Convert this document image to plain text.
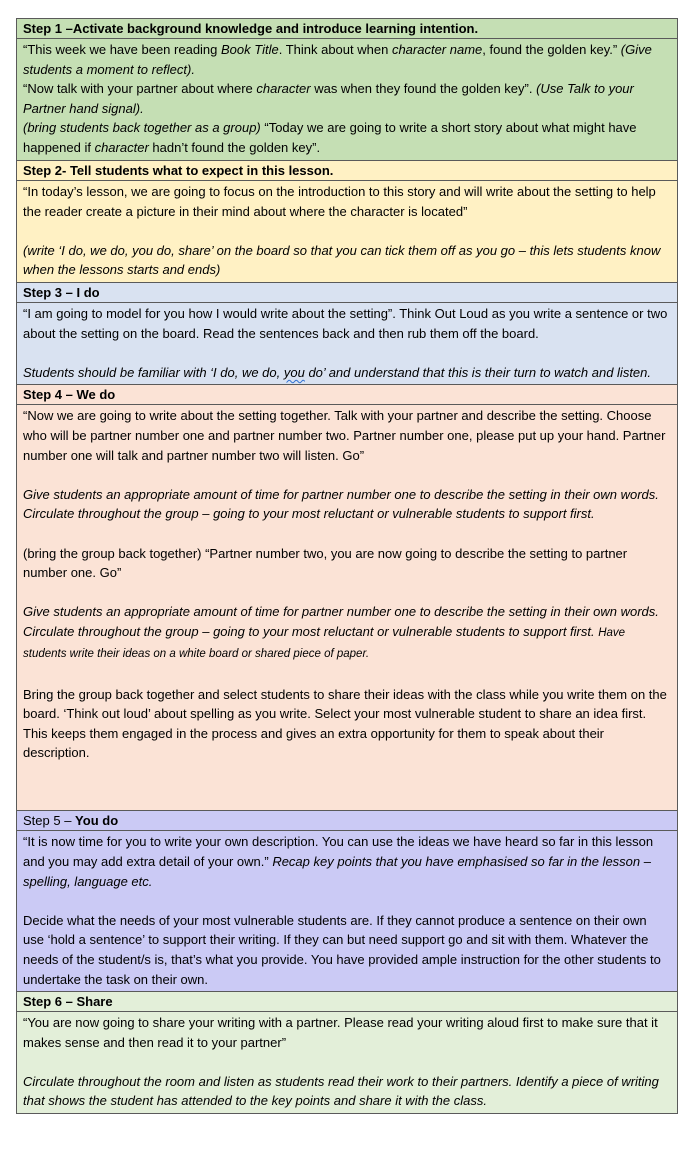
Step 1 –Activate background knowledge and introduce learning intention.

“This week we have been reading Book Title. Think about when character name, found the golden key.” (Give students a moment to reflect).

“Now talk with your partner about where character was when they found the golden key”. (Use Talk to your Partner hand signal).

(bring students back together as a group) “Today we are going to write a short story about what might have happened if character hadn’t found the golden key”.

Step 2- Tell students what to expect in this lesson.

“In today’s lesson, we are going to focus on the introduction to this story and will write about the setting to help the reader create a picture in their mind about where the character is located”

(write ‘I do, we do, you do, share’ on the board so that you can tick them off as you go – this lets students know when the lessons starts and ends)

Step 3 – I do

“I am going to model for you how I would write about the setting”. Think Out Loud as you write a sentence or two about the setting on the board. Read the sentences back and then rub them off the board.

Students should be familiar with ‘I do, we do, you do’ and understand that this is their turn to watch and listen.

Step 4 – We do

“Now we are going to write about the setting together. Talk with your partner and describe the setting. Choose who will be partner number one and partner number two. Partner number one, please put up your hand. Partner number one will talk and partner number two will listen. Go”

Give students an appropriate amount of time for partner number one to describe the setting in their own words. Circulate throughout the group – going to your most reluctant or vulnerable students to support first.

(bring the group back together) “Partner number two, you are now going to describe the setting to partner number one. Go”

Give students an appropriate amount of time for partner number one to describe the setting in their own words. Circulate throughout the group – going to your most reluctant or vulnerable students to support first. Have students write their ideas on a white board or shared piece of paper.

Bring the group back together and select students to share their ideas with the class while you write them on the board. ‘Think out loud’ about spelling as you write. Select your most vulnerable student to share an idea first. This keeps them engaged in the process and gives an extra opportunity for them to speak about their description.

Step 5 – You do

“It is now time for you to write your own description. You can use the ideas we have heard so far in this lesson and you may add extra detail of your own.” Recap key points that you have emphasised so far in the lesson – spelling, language etc.

Decide what the needs of your most vulnerable students are. If they cannot produce a sentence on their own use ‘hold a sentence’ to support their writing. If they can but need support go and sit with them. Whatever the needs of the student/s is, that’s what you provide. You have provided ample instruction for the other students to undertake the task on their own.

Step 6 – Share

“You are now going to share your writing with a partner. Please read your writing aloud first to make sure that it makes sense and then read it to your partner”

Circulate throughout the room and listen as students read their work to their partners. Identify a piece of writing that shows the student has attended to the key points and share it with the class.
